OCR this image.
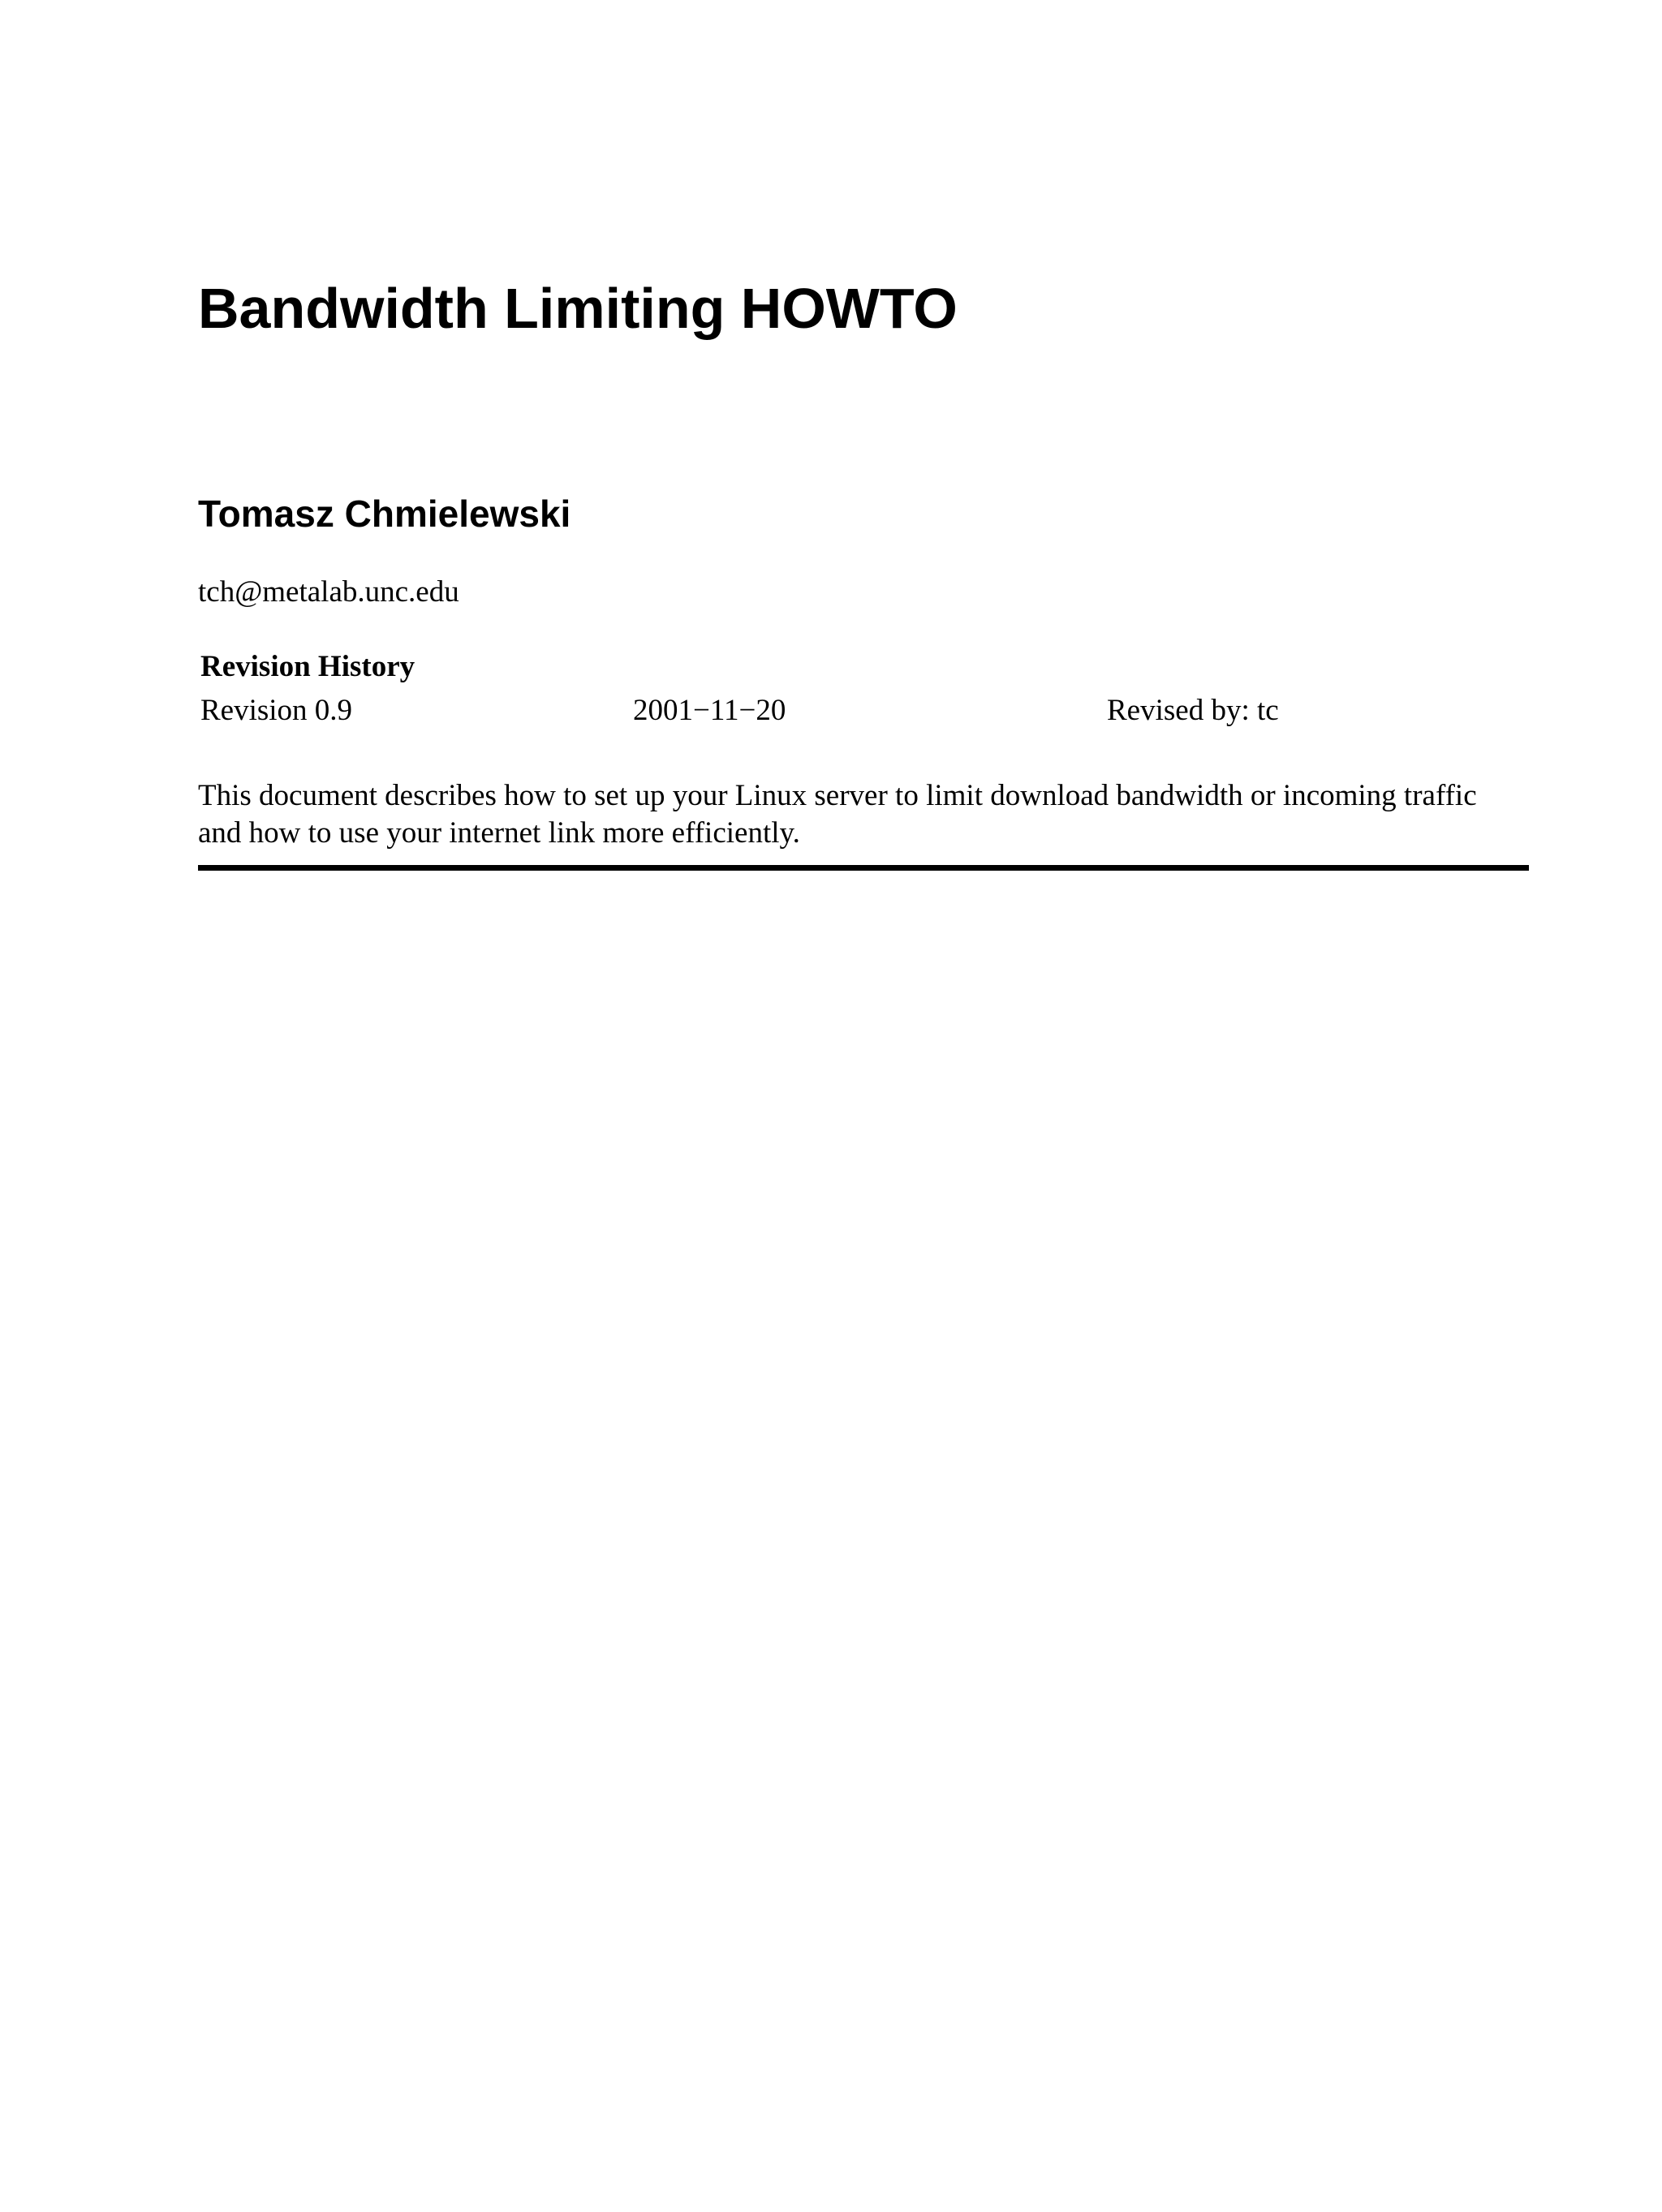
Bandwidth Limiting HOWTO
Tomasz Chmielewski
tch@metalab.unc.edu
Revision History
Revision 0.9	2001−11−20	Revised by: tc

This document describes how to set up your Linux server to limit download bandwidth or incoming traffic
and how to use your internet link more efficiently.
